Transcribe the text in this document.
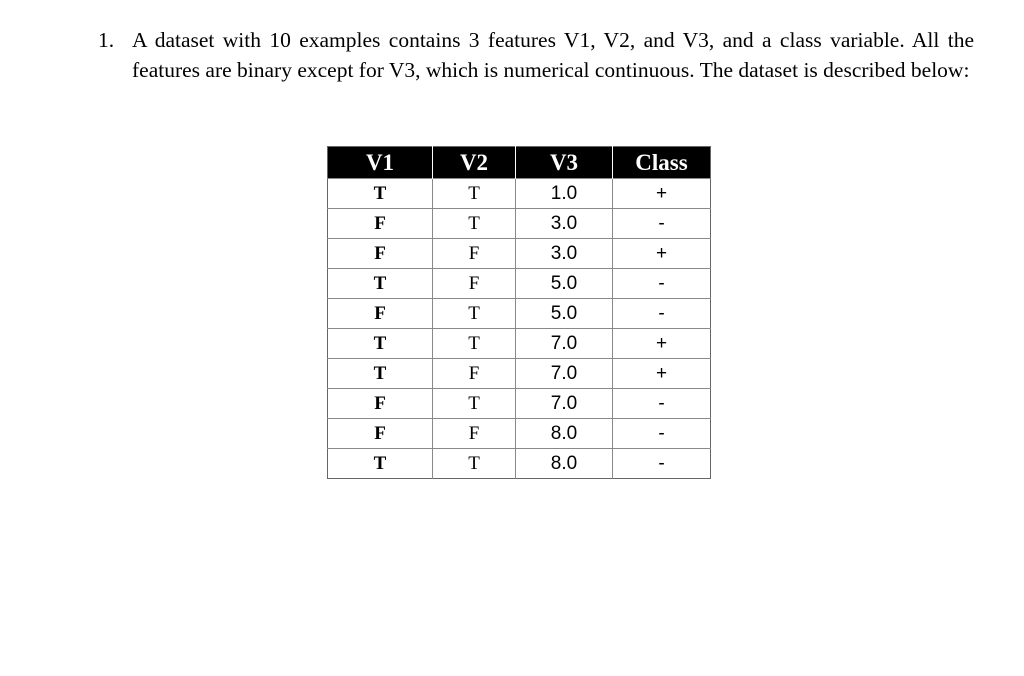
1. A dataset with 10 examples contains 3 features V1, V2, and V3, and a class variable. All the features are binary except for V3, which is numerical continuous. The dataset is described below:
V1	V2	V3	Class
T	T	1.0	+
F	T	3.0	-
F	F	3.0	+
T	F	5.0	-
F	T	5.0	-
T	T	7.0	+
T	F	7.0	+
F	T	7.0	-
F	F	8.0	-
T	T	8.0	-
